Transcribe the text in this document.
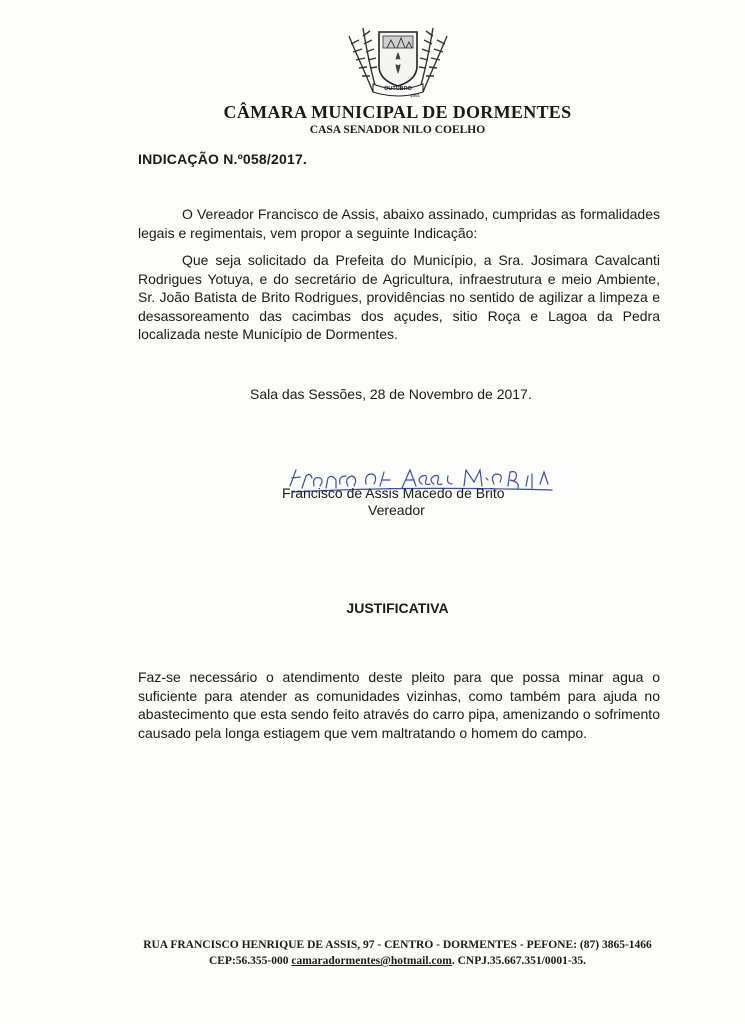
OUTUBRO
1991
CÂMARA MUNICIPAL DE DORMENTES
CASA SENADOR NILO COELHO
INDICAÇÃO N.º058/2017.
O Vereador Francisco de Assis, abaixo assinado, cumpridas as formalidades legais e regimentais, vem propor a seguinte Indicação:
Que seja solicitado da Prefeita do Município, a Sra. Josimara Cavalcanti Rodrigues Yotuya, e do secretário de Agricultura, infraestrutura e meio Ambiente, Sr. João Batista de Brito Rodrigues, providências no sentido de agilizar a limpeza e desassoreamento das cacimbas dos açudes, sitio Roça e Lagoa da Pedra localizada neste Município de Dormentes.
Sala das Sessões, 28 de Novembro de 2017.
Francisco de Assis Macedo de Brito
Vereador
JUSTIFICATIVA
Faz-se necessário o atendimento deste pleito para que possa minar agua o suficiente para atender as comunidades vizinhas, como também para ajuda no abastecimento que esta sendo feito através do carro pipa, amenizando o sofrimento causado pela longa estiagem que vem maltratando o homem do campo.
RUA FRANCISCO HENRIQUE DE ASSIS, 97 - CENTRO - DORMENTES - PEFONE: (87) 3865-1466
CEP:56.355-000 camaradormentes@hotmail.com. CNPJ.35.667.351/0001-35.
